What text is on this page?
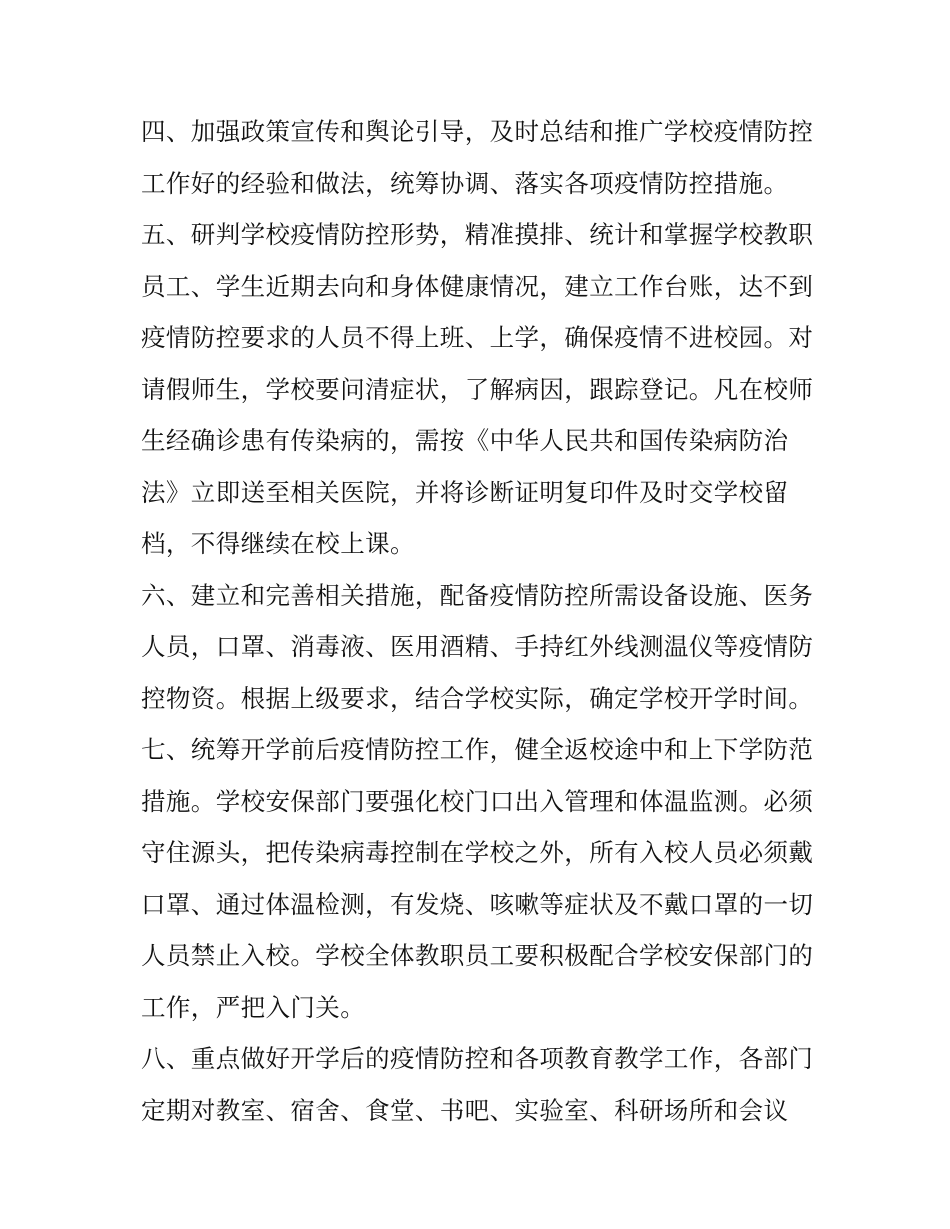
四、加强政策宣传和舆论引导，及时总结和推广学校疫情防控
工作好的经验和做法，统筹协调、落实各项疫情防控措施。
五、研判学校疫情防控形势，精准摸排、统计和掌握学校教职
员工、学生近期去向和身体健康情况，建立工作台账，达不到
疫情防控要求的人员不得上班、上学，确保疫情不进校园。对
请假师生，学校要问清症状，了解病因，跟踪登记。凡在校师
生经确诊患有传染病的，需按《中华人民共和国传染病防治
法》立即送至相关医院，并将诊断证明复印件及时交学校留
档，不得继续在校上课。
六、建立和完善相关措施，配备疫情防控所需设备设施、医务
人员，口罩、消毒液、医用酒精、手持红外线测温仪等疫情防
控物资。根据上级要求，结合学校实际，确定学校开学时间。
七、统筹开学前后疫情防控工作，健全返校途中和上下学防范
措施。学校安保部门要强化校门口出入管理和体温监测。必须
守住源头，把传染病毒控制在学校之外，所有入校人员必须戴
口罩、通过体温检测，有发烧、咳嗽等症状及不戴口罩的一切
人员禁止入校。学校全体教职员工要积极配合学校安保部门的
工作，严把入门关。
八、重点做好开学后的疫情防控和各项教育教学工作，各部门
定期对教室、宿舍、食堂、书吧、实验室、科研场所和会议
